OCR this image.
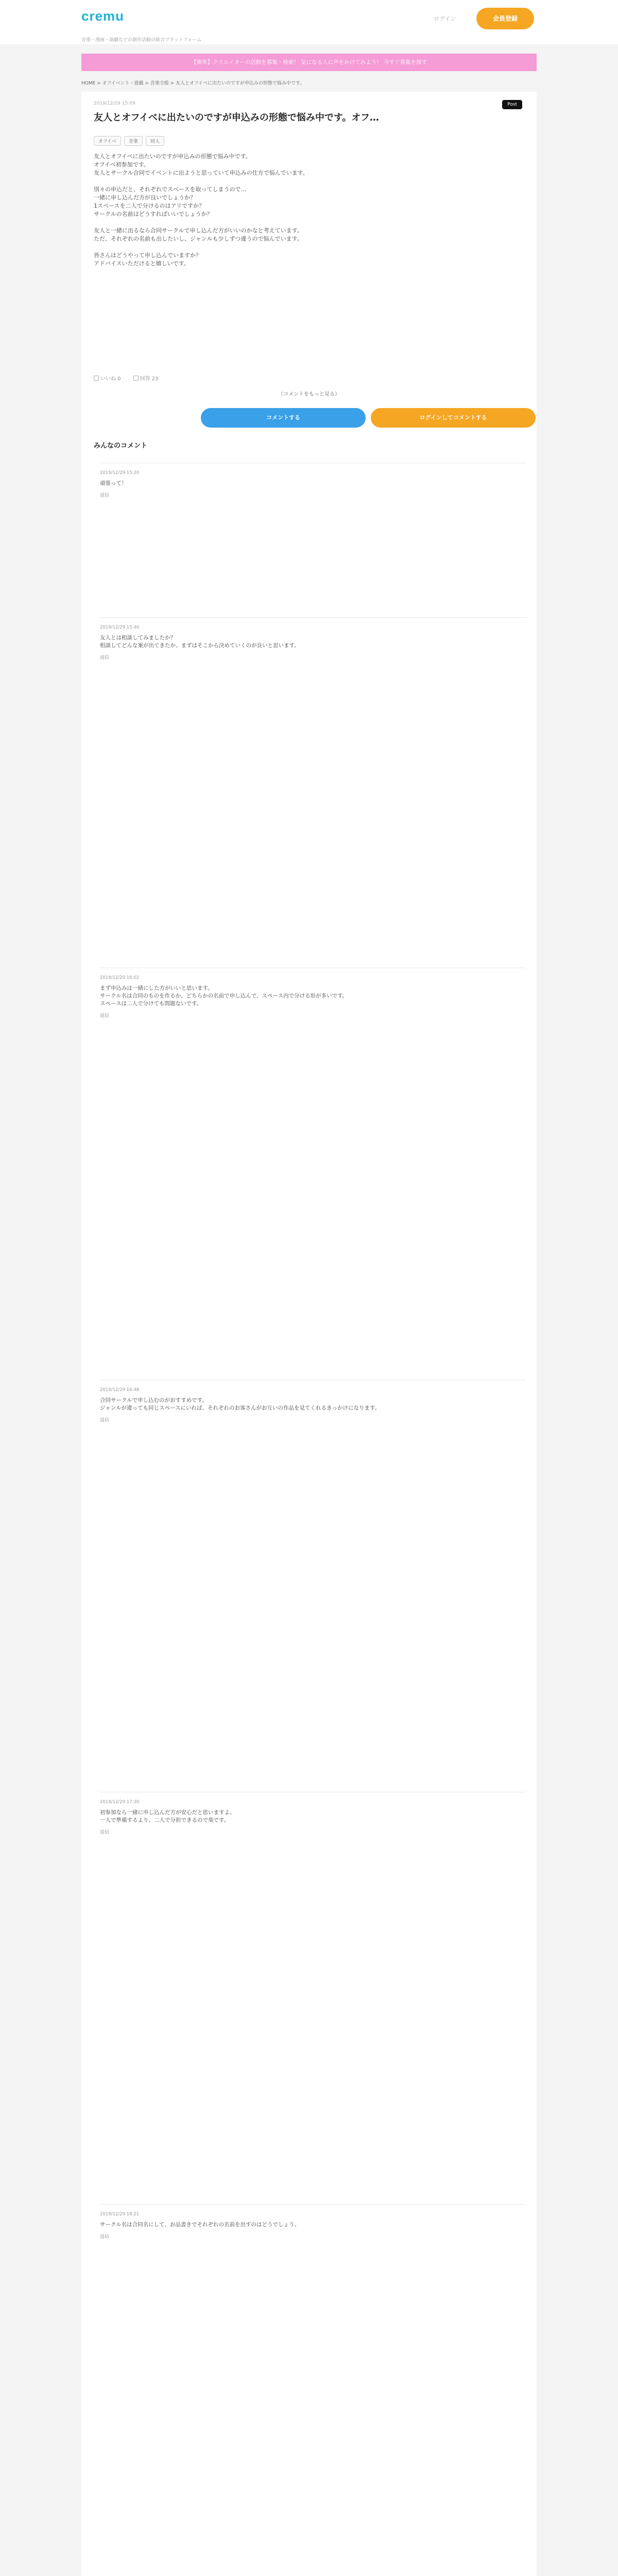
cremu
音楽・漫画・演劇などの創作活動の総合プラットフォーム
ログイン	会員登録
【簡単】クリエイターの活動を募集・検索！ 気になる人に声をかけてみよう！ 今すぐ募集を探す
HOME > オフイベント・遊戯 > 音楽全般 > 友人とオフイベに出たいのですが申込みの形態で悩み中です。
2019/12/29 15:09	Post
友人とオフイベに出たいのですが申込みの形態で悩み中です。オフ…
オフイベ	音楽	同人
友人とオフイベに出たいのですが申込みの形態で悩み中です。
オフイベ初参加です。
友人とサークル合同でイベントに出ようと思っていて申込みの仕方で悩んでいます。

別々の申込だと、それぞれでスペースを取ってしまうので…
一緒に申し込んだ方が良いでしょうか？
1スペースを二人で分けるのはアリですか？
サークルの名前はどうすればいいでしょうか？

友人と一緒に出るなら合同サークルで申し込んだ方がいいのかなと考えています。
ただ、それぞれの名前も出したいし、ジャンルも少しずつ違うので悩んでいます。

皆さんはどうやって申し込んでいますか？
アドバイスいただけると嬉しいです。
いいね 0	回答 23
（コメントをもっと見る）
コメントする	ログインしてコメントする
みんなのコメント
2019/12/29 15:20
頑張って！
返信
2019/12/29 15:40
友人とは相談してみましたか？
相談してどんな案が出てきたか、まずはそこから決めていくのが良いと思います。
返信
2019/12/29 16:02
まず申込みは一緒にした方がいいと思います。
サークル名は合同のものを作るか、どちらかの名前で申し込んで、スペース内で分ける形が多いです。
スペースは二人で分けても問題ないです。
返信
2019/12/29 16:48
合同サークルで申し込むのがおすすめです。
ジャンルが違っても同じスペースにいれば、それぞれのお客さんがお互いの作品を見てくれるきっかけになります。
返信
2019/12/29 17:30
初参加なら一緒に申し込んだ方が安心だと思いますよ。
一人で準備するより、二人で分担できるので楽です。
返信
2019/12/29 18:21
サークル名は合同名にして、お品書きでそれぞれの名前を出すのはどうでしょう。
返信
